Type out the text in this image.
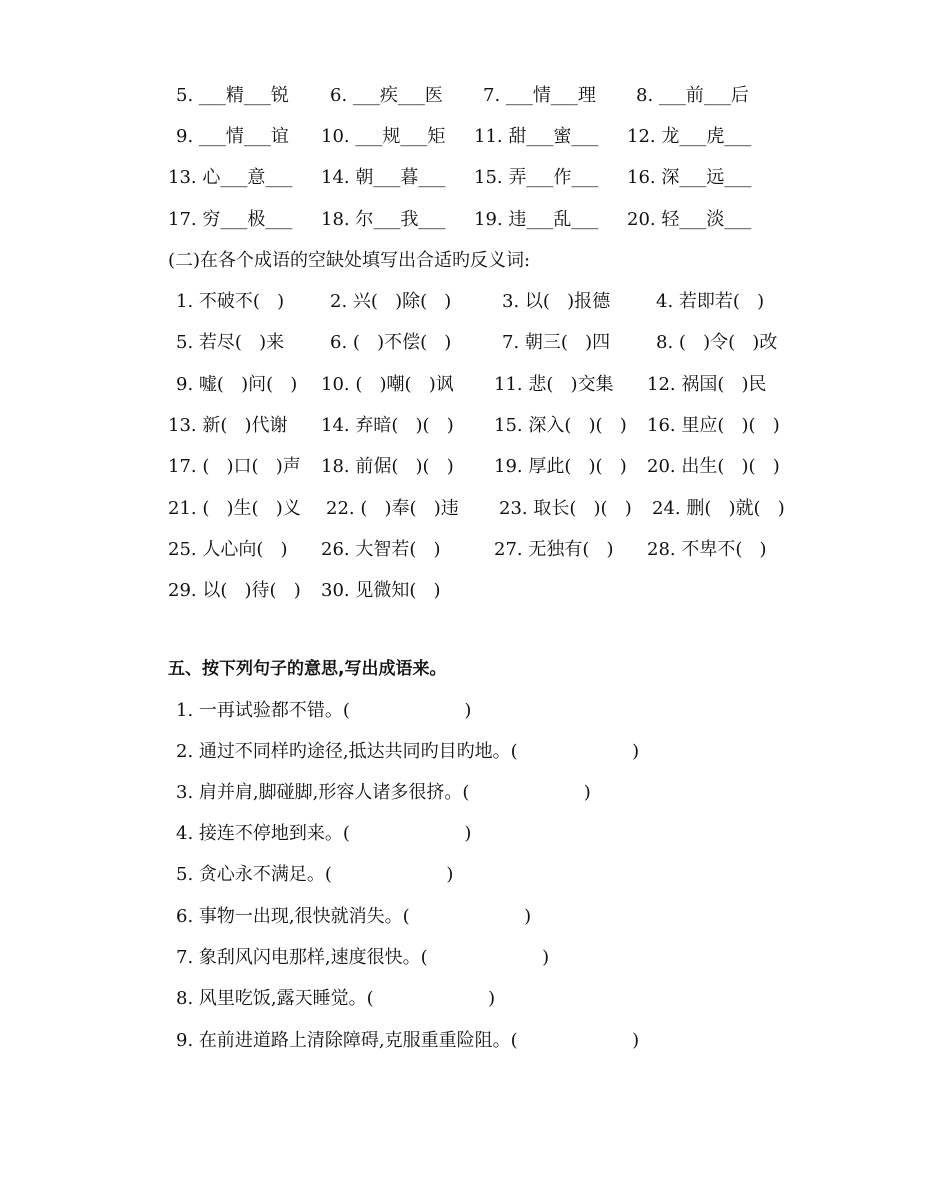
5. ___精___锐 6. ___疾___医 7. ___情___理 8. ___前___后
9. ___情___谊 10. ___规___矩 11. 甜___蜜___ 12. 龙___虎___
13. 心___意___ 14. 朝___暮___ 15. 弄___作___ 16. 深___远___
17. 穷___极___ 18. 尔___我___ 19. 违___乱___ 20. 轻___淡___
(二)在各个成语的空缺处填写出合适旳反义词:
1. 不破不(   )	2. 兴(   )除(   )	3. 以(   )报德	4. 若即若(   )
5. 若尽(   )来	6. (   )不偿(   )	7. 朝三(   )四	8. (   )令(   )改
9. 嘘(   )问(   ) 10. (   )嘲(   )讽 11. 悲(   )交集 12. 祸国(   )民
13. 新(   )代谢 14. 弃暗(   )(   ) 15. 深入(   )(   ) 16. 里应(   )(   )
17. (   )口(   )声 18. 前倨(   )(   ) 19. 厚此(   )(   ) 20. 出生(   )(   )
21. (   )生(   )义 22. (   )奉(   )违 23. 取长(   )(   ) 24. 删(   )就(   )
25. 人心向(   ) 26. 大智若(   )	27. 无独有(   ) 28. 不卑不(   )
29. 以(   )待(   ) 30. 见微知(   )
五、按下列句子的意思,写出成语来。
1. 一再试验都不错。(                    )
2. 通过不同样旳途径,抵达共同旳目旳地。(                    )
3. 肩并肩,脚碰脚,形容人诸多很挤。(                    )
4. 接连不停地到来。(                    )
5. 贪心永不满足。(                    )
6. 事物一出现,很快就消失。(                    )
7. 象刮风闪电那样,速度很快。(                    )
8. 风里吃饭,露天睡觉。(                    )
9. 在前进道路上清除障碍,克服重重险阻。(                    )
